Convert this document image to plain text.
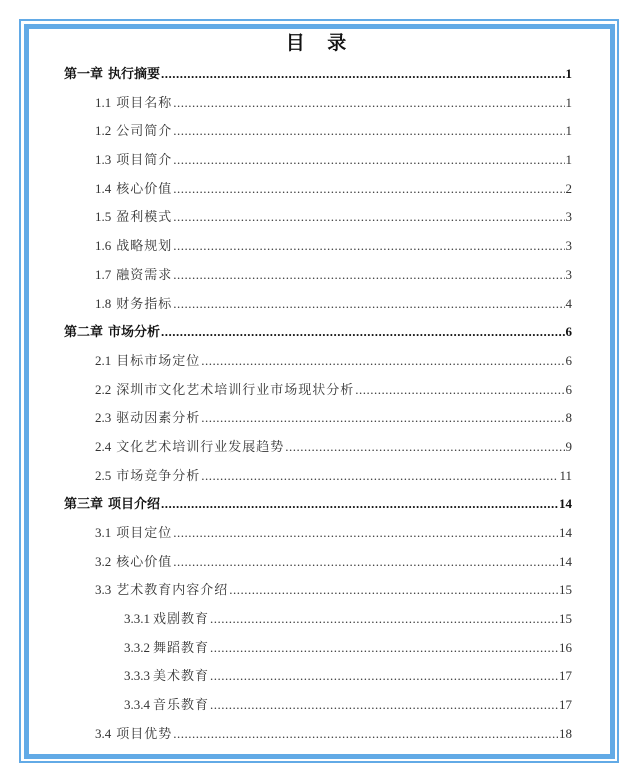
目 录
第一章 执行摘要 .....	1
1.1 项目名称 .....	1
1.2 公司简介 .....	1
1.3 项目简介 .....	1
1.4 核心价值 .....	2
1.5 盈利模式 .....	3
1.6 战略规划 .....	3
1.7 融资需求 .....	3
1.8 财务指标 .....	4
第二章 市场分析 .....	6
2.1 目标市场定位 .....	6
2.2 深圳市文化艺术培训行业市场现状分析 .....	6
2.3 驱动因素分析 .....	8
2.4 文化艺术培训行业发展趋势 .....	9
2.5 市场竞争分析 .....	11
第三章 项目介绍 .....	14
3.1 项目定位 .....	14
3.2 核心价值 .....	14
3.3 艺术教育内容介绍 .....	15
3.3.1 戏剧教育 .....	15
3.3.2 舞蹈教育 .....	16
3.3.3 美术教育 .....	17
3.3.4 音乐教育 .....	17
3.4 项目优势 .....	18
